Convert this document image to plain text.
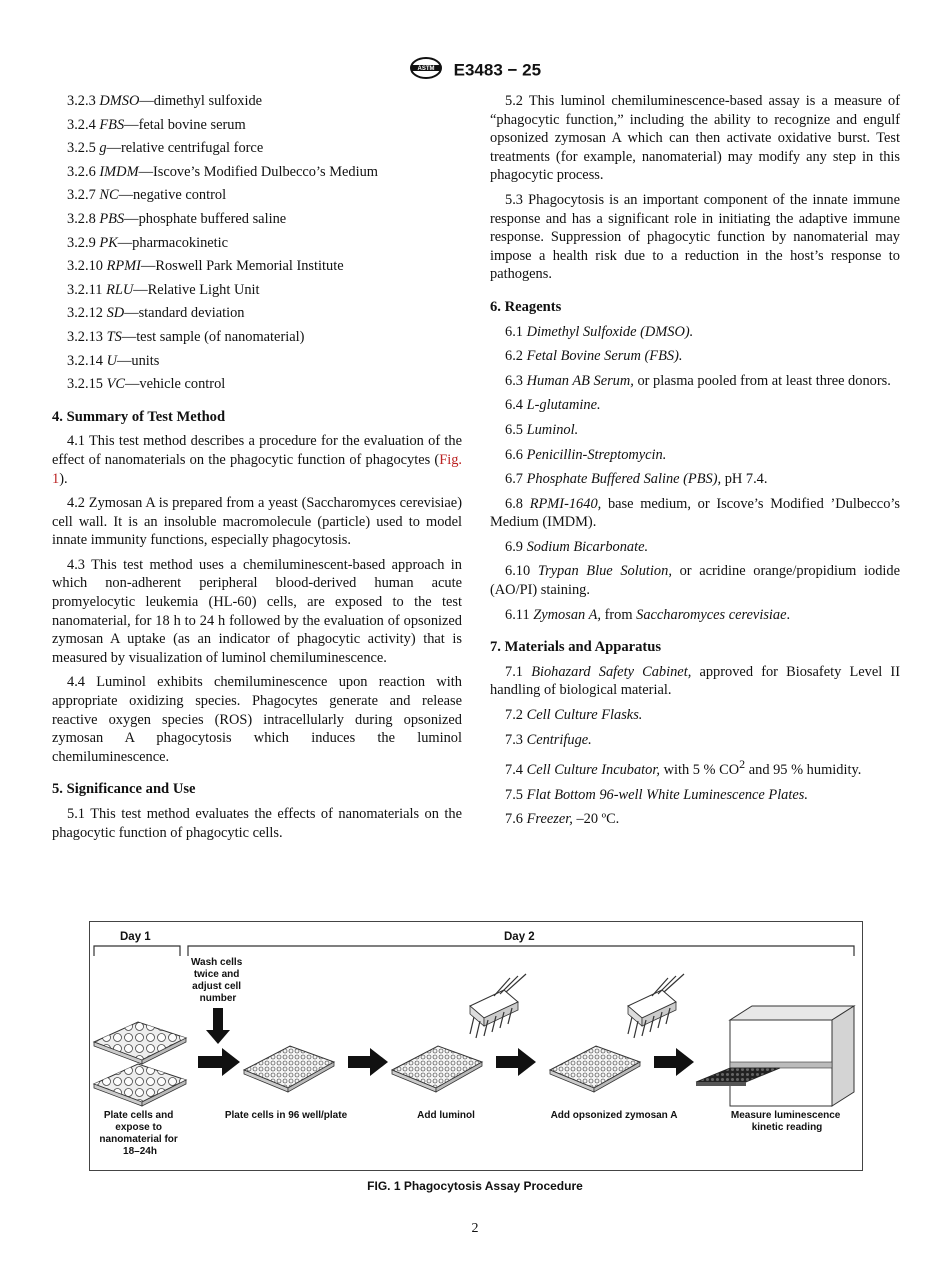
ASTM E3483 − 25
3.2.3 DMSO—dimethyl sulfoxide
3.2.4 FBS—fetal bovine serum
3.2.5 g—relative centrifugal force
3.2.6 IMDM—Iscove’s Modified Dulbecco’s Medium
3.2.7 NC—negative control
3.2.8 PBS—phosphate buffered saline
3.2.9 PK—pharmacokinetic
3.2.10 RPMI—Roswell Park Memorial Institute
3.2.11 RLU—Relative Light Unit
3.2.12 SD—standard deviation
3.2.13 TS—test sample (of nanomaterial)
3.2.14 U—units
3.2.15 VC—vehicle control
4. Summary of Test Method

4.1 This test method describes a procedure for the evaluation of the effect of nanomaterials on the phagocytic function of phagocytes (Fig. 1).

4.2 Zymosan A is prepared from a yeast (Saccharomyces cerevisiae) cell wall. It is an insoluble macromolecule (particle) used to model innate immunity functions, especially phagocytosis.

4.3 This test method uses a chemiluminescent-based approach in which non-adherent peripheral blood-derived human acute promyelocytic leukemia (HL-60) cells, are exposed to the test nanomaterial, for 18 h to 24 h followed by the evaluation of opsonized zymosan A uptake (as an indicator of phagocytic activity) that is measured by visualization of luminol chemiluminescence.

4.4 Luminol exhibits chemiluminescence upon reaction with appropriate oxidizing species. Phagocytes generate and release reactive oxygen species (ROS) intracellularly during opsonized zymosan A phagocytosis which induces the luminol chemiluminescence.

5. Significance and Use

5.1 This test method evaluates the effects of nanomaterials on the phagocytic function of phagocytic cells.

5.2 This luminol chemiluminescence-based assay is a measure of “phagocytic function,” including the ability to recognize and engulf opsonized zymosan A which can then activate oxidative burst. Test treatments (for example, nanomaterial) may modify any step in this phagocytic process.

5.3 Phagocytosis is an important component of the innate immune response and has a significant role in initiating the adaptive immune response. Suppression of phagocytic function by nanomaterial may impose a health risk due to a reduction in the host’s response to pathogens.

6. Reagents

6.1 Dimethyl Sulfoxide (DMSO).

6.2 Fetal Bovine Serum (FBS).

6.3 Human AB Serum, or plasma pooled from at least three donors.

6.4 L-glutamine.

6.5 Luminol.

6.6 Penicillin-Streptomycin.

6.7 Phosphate Buffered Saline (PBS), pH 7.4.

6.8 RPMI-1640, base medium, or Iscove’s Modified ’Dulbecco’s Medium (IMDM).

6.9 Sodium Bicarbonate.

6.10 Trypan Blue Solution, or acridine orange/propidium iodide (AO/PI) staining.

6.11 Zymosan A, from Saccharomyces cerevisiae.

7. Materials and Apparatus

7.1 Biohazard Safety Cabinet, approved for Biosafety Level II handling of biological material.

7.2 Cell Culture Flasks.

7.3 Centrifuge.

7.4 Cell Culture Incubator, with 5 % $CO^2$ and 95 % humidity.

7.5 Flat Bottom 96-well White Luminescence Plates.

7.6 Freezer, –20 ºC.

Day 1	Day 2
Wash cells twice and adjust cell number
Plate cells and expose to nanomaterial for 18–24h
Plate cells in 96 well/plate	Add luminol	Add opsonized zymosan A	Measure luminescence kinetic reading
FIG. 1 Phagocytosis Assay Procedure
2
